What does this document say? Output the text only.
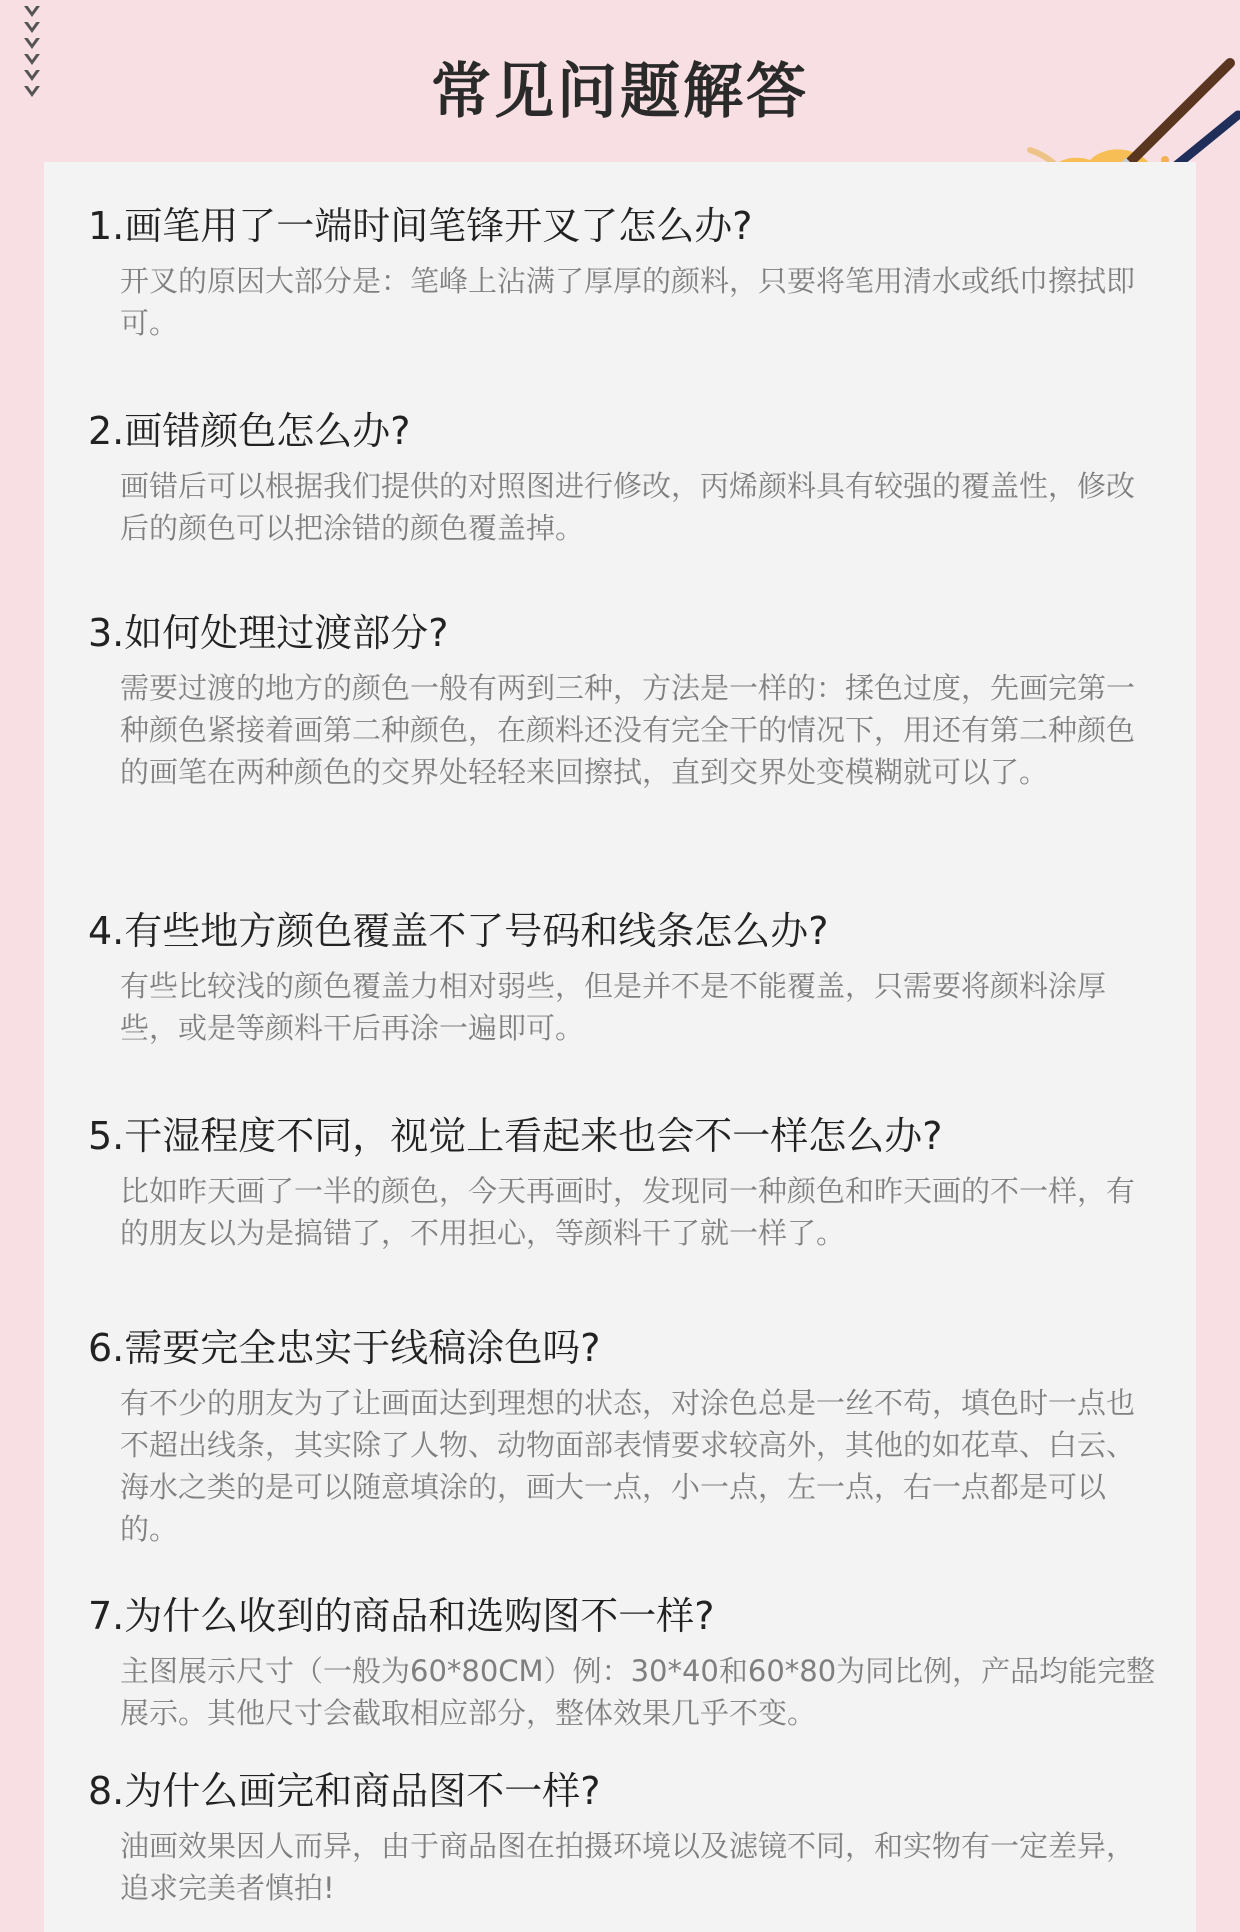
常见问题解答

1.画笔用了一端时间笔锋开叉了怎么办?

开叉的原因大部分是：笔峰上沾满了厚厚的颜料，只要将笔用清水或纸巾擦拭即可。

2.画错颜色怎么办?

画错后可以根据我们提供的对照图进行修改，丙烯颜料具有较强的覆盖性，修改后的颜色可以把涂错的颜色覆盖掉。

3.如何处理过渡部分?

需要过渡的地方的颜色一般有两到三种，方法是一样的：揉色过度，先画完第一种颜色紧接着画第二种颜色，在颜料还没有完全干的情况下，用还有第二种颜色的画笔在两种颜色的交界处轻轻来回擦拭，直到交界处变模糊就可以了。

4.有些地方颜色覆盖不了号码和线条怎么办?

有些比较浅的颜色覆盖力相对弱些，但是并不是不能覆盖，只需要将颜料涂厚些，或是等颜料干后再涂一遍即可。

5.干湿程度不同，视觉上看起来也会不一样怎么办?

比如昨天画了一半的颜色，今天再画时，发现同一种颜色和昨天画的不一样，有的朋友以为是搞错了，不用担心，等颜料干了就一样了。

6.需要完全忠实于线稿涂色吗?

有不少的朋友为了让画面达到理想的状态，对涂色总是一丝不苟，填色时一点也不超出线条，其实除了人物、动物面部表情要求较高外，其他的如花草、白云、海水之类的是可以随意填涂的，画大一点，小一点，左一点，右一点都是可以的。

7.为什么收到的商品和选购图不一样?

主图展示尺寸（一般为60*80CM）例：30*40和60*80为同比例，产品均能完整展示。其他尺寸会截取相应部分，整体效果几乎不变。

8.为什么画完和商品图不一样?

油画效果因人而异，由于商品图在拍摄环境以及滤镜不同，和实物有一定差异，追求完美者慎拍!
